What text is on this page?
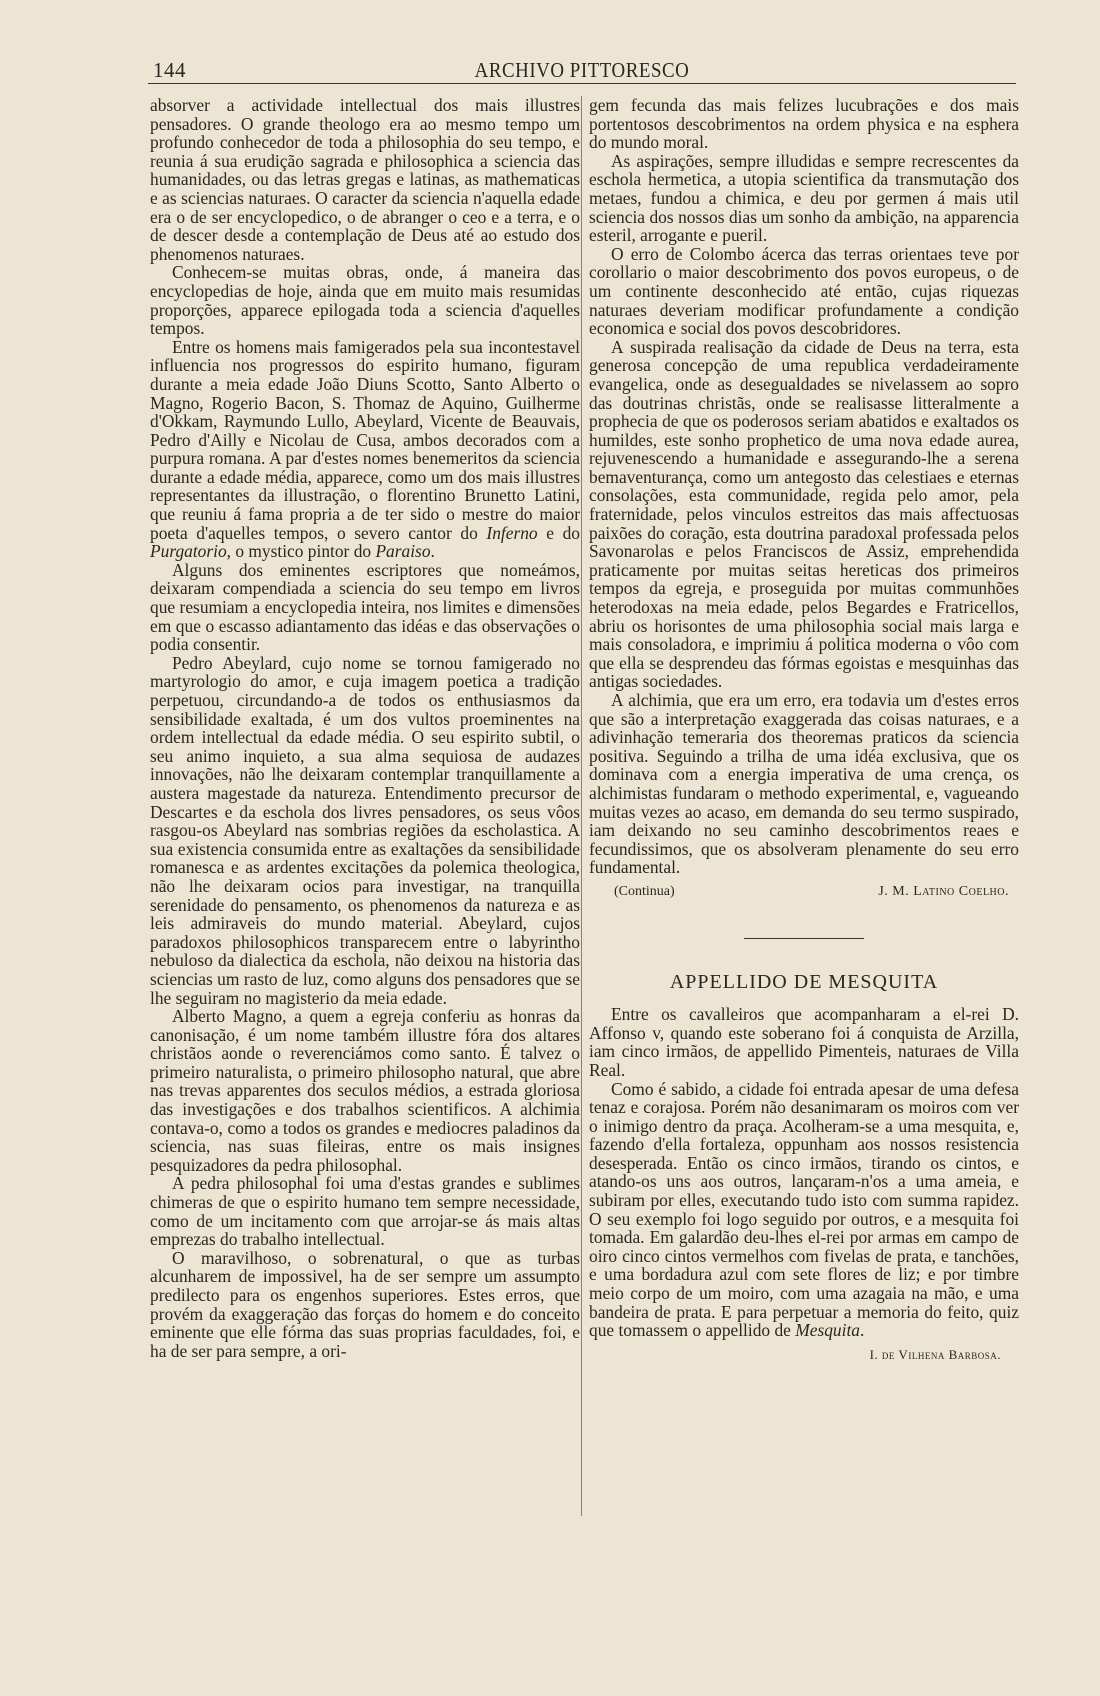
144	ARCHIVO PITTORESCO

absorver a actividade intellectual dos mais illustres pensadores. O grande theologo era ao mesmo tempo um profundo conhecedor de toda a philosophia do seu tempo, e reunia á sua erudição sagrada e philosophica a sciencia das humanidades, ou das letras gregas e latinas, as mathematicas e as sciencias naturaes. O caracter da sciencia n'aquella edade era o de ser encyclopedico, o de abranger o ceo e a terra, e o de descer desde a contemplação de Deus até ao estudo dos phenomenos naturaes.

Conhecem-se muitas obras, onde, á maneira das encyclopedias de hoje, ainda que em muito mais resumidas proporções, apparece epilogada toda a sciencia d'aquelles tempos.

Entre os homens mais famigerados pela sua incontestavel influencia nos progressos do espirito humano, figuram durante a meia edade João Diuns Scotto, Santo Alberto o Magno, Rogerio Bacon, S. Thomaz de Aquino, Guilherme d'Okkam, Raymundo Lullo, Abeylard, Vicente de Beauvais, Pedro d'Ailly e Nicolau de Cusa, ambos decorados com a purpura romana. A par d'estes nomes benemeritos da sciencia durante a edade média, apparece, como um dos mais illustres representantes da illustração, o florentino Brunetto Latini, que reuniu á fama propria a de ter sido o mestre do maior poeta d'aquelles tempos, o severo cantor do Inferno e do Purgatorio, o mystico pintor do Paraiso.

Alguns dos eminentes escriptores que nomeámos, deixaram compendiada a sciencia do seu tempo em livros que resumiam a encyclopedia inteira, nos limites e dimensões em que o escasso adiantamento das idéas e das observações o podia consentir.

Pedro Abeylard, cujo nome se tornou famigerado no martyrologio do amor, e cuja imagem poetica a tradição perpetuou, circundando-a de todos os enthusiasmos da sensibilidade exaltada, é um dos vultos proeminentes na ordem intellectual da edade média. O seu espirito subtil, o seu animo inquieto, a sua alma sequiosa de audazes innovações, não lhe deixaram contemplar tranquillamente a austera magestade da natureza. Entendimento precursor de Descartes e da eschola dos livres pensadores, os seus vôos rasgou-os Abeylard nas sombrias regiões da escholastica. A sua existencia consumida entre as exaltações da sensibilidade romanesca e as ardentes excitações da polemica theologica, não lhe deixaram ocios para investigar, na tranquilla serenidade do pensamento, os phenomenos da natureza e as leis admiraveis do mundo material. Abeylard, cujos paradoxos philosophicos transparecem entre o labyrintho nebuloso da dialectica da eschola, não deixou na historia das sciencias um rasto de luz, como alguns dos pensadores que se lhe seguiram no magisterio da meia edade.

Alberto Magno, a quem a egreja conferiu as honras da canonisação, é um nome também illustre fóra dos altares christãos aonde o reverenciámos como santo. É talvez o primeiro naturalista, o primeiro philosopho natural, que abre nas trevas apparentes dos seculos médios, a estrada gloriosa das investigações e dos trabalhos scientificos. A alchimia contava-o, como a todos os grandes e mediocres paladinos da sciencia, nas suas fileiras, entre os mais insignes pesquizadores da pedra philosophal.

A pedra philosophal foi uma d'estas grandes e sublimes chimeras de que o espirito humano tem sempre necessidade, como de um incitamento com que arrojar-se ás mais altas emprezas do trabalho intellectual.

O maravilhoso, o sobrenatural, o que as turbas alcunharem de impossivel, ha de ser sempre um assumpto predilecto para os engenhos superiores. Estes erros, que provém da exaggeração das forças do homem e do conceito eminente que elle fórma das suas proprias faculdades, foi, e ha de ser para sempre, a ori-

gem fecunda das mais felizes lucubrações e dos mais portentosos descobrimentos na ordem physica e na esphera do mundo moral.

As aspirações, sempre illudidas e sempre recrescentes da eschola hermetica, a utopia scientifica da transmutação dos metaes, fundou a chimica, e deu por germen á mais util sciencia dos nossos dias um sonho da ambição, na apparencia esteril, arrogante e pueril.

O erro de Colombo ácerca das terras orientaes teve por corollario o maior descobrimento dos povos europeus, o de um continente desconhecido até então, cujas riquezas naturaes deveriam modificar profundamente a condição economica e social dos povos descobridores.

A suspirada realisação da cidade de Deus na terra, esta generosa concepção de uma republica verdadeiramente evangelica, onde as desegualdades se nivelassem ao sopro das doutrinas christãs, onde se realisasse litteralmente a prophecia de que os poderosos seriam abatidos e exaltados os humildes, este sonho prophetico de uma nova edade aurea, rejuvenescendo a humanidade e assegurando-lhe a serena bemaventurança, como um antegosto das celestiaes e eternas consolações, esta communidade, regida pelo amor, pela fraternidade, pelos vinculos estreitos das mais affectuosas paixões do coração, esta doutrina paradoxal professada pelos Savonarolas e pelos Franciscos de Assiz, emprehendida praticamente por muitas seitas hereticas dos primeiros tempos da egreja, e proseguida por muitas communhões heterodoxas na meia edade, pelos Begardes e Fratricellos, abriu os horisontes de uma philosophia social mais larga e mais consoladora, e imprimiu á politica moderna o vôo com que ella se desprendeu das fórmas egoistas e mesquinhas das antigas sociedades.

A alchimia, que era um erro, era todavia um d'estes erros que são a interpretação exaggerada das coisas naturaes, e a adivinhação temeraria dos theoremas praticos da sciencia positiva. Seguindo a trilha de uma idéa exclusiva, que os dominava com a energia imperativa de uma crença, os alchimistas fundaram o methodo experimental, e, vagueando muitas vezes ao acaso, em demanda do seu termo suspirado, iam deixando no seu caminho descobrimentos reaes e fecundissimos, que os absolveram plenamente do seu erro fundamental.

(Continua)	J. M. Latino Coelho.
APPELLIDO DE MESQUITA

Entre os cavalleiros que acompanharam a el-rei D. Affonso v, quando este soberano foi á conquista de Arzilla, iam cinco irmãos, de appellido Pimenteis, naturaes de Villa Real.

Como é sabido, a cidade foi entrada apesar de uma defesa tenaz e corajosa. Porém não desanimaram os moiros com ver o inimigo dentro da praça. Acolheram-se a uma mesquita, e, fazendo d'ella fortaleza, oppunham aos nossos resistencia desesperada. Então os cinco irmãos, tirando os cintos, e atando-os uns aos outros, lançaram-n'os a uma ameia, e subiram por elles, executando tudo isto com summa rapidez. O seu exemplo foi logo seguido por outros, e a mesquita foi tomada. Em galardão deu-lhes el-rei por armas em campo de oiro cinco cintos vermelhos com fivelas de prata, e tanchões, e uma bordadura azul com sete flores de liz; e por timbre meio corpo de um moiro, com uma azagaia na mão, e uma bandeira de prata. E para perpetuar a memoria do feito, quiz que tomassem o appellido de Mesquita.

I. de Vilhena Barbosa.
